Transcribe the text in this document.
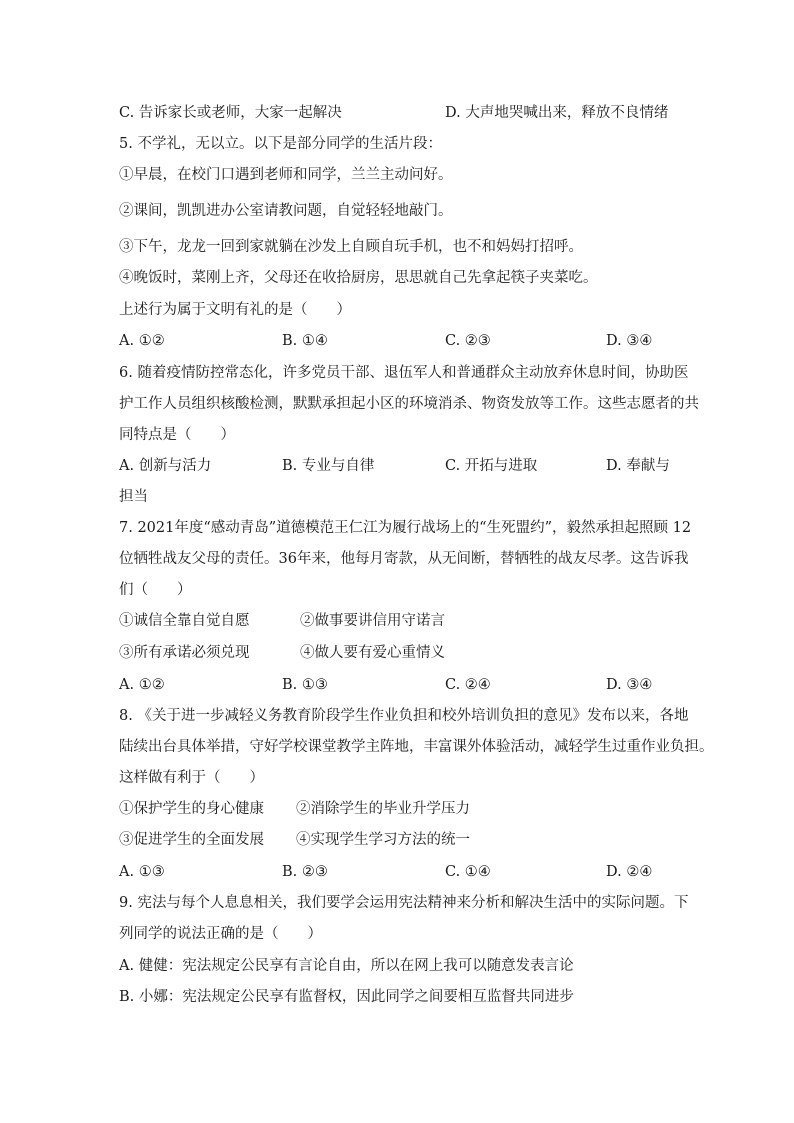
C. 告诉家长或老师，大家一起解决	D. 大声地哭喊出来，释放不良情绪
5. 不学礼，无以立。以下是部分同学的生活片段：
①早晨，在校门口遇到老师和同学，兰兰主动问好。
②课间，凯凯进办公室请教问题，自觉轻轻地敲门。
③下午，龙龙一回到家就躺在沙发上自顾自玩手机，也不和妈妈打招呼。
④晚饭时，菜刚上齐，父母还在收拾厨房，思思就自己先拿起筷子夹菜吃。
上述行为属于文明有礼的是（　　）
A. ①②	B. ①④	C. ②③	D. ③④
6. 随着疫情防控常态化，许多党员干部、退伍军人和普通群众主动放弃休息时间，协助医
护工作人员组织核酸检测，默默承担起小区的环境消杀、物资发放等工作。这些志愿者的共
同特点是（　　）
A. 创新与活力	B. 专业与自律	C. 开拓与进取	D. 奉献与
担当
7. 2021年度“感动青岛”道德模范王仁江为履行战场上的“生死盟约”，毅然承担起照顾 12
位牺牲战友父母的责任。36年来，他每月寄款，从无间断，替牺牲的战友尽孝。这告诉我
们（　　）
①诚信全靠自觉自愿	②做事要讲信用守诺言
③所有承诺必须兑现	④做人要有爱心重情义
A. ①②	B. ①③	C. ②④	D. ③④
8. 《关于进一步减轻义务教育阶段学生作业负担和校外培训负担的意见》发布以来，各地
陆续出台具体举措，守好学校课堂教学主阵地，丰富课外体验活动，减轻学生过重作业负担。
这样做有利于（　　）
①保护学生的身心健康 ②消除学生的毕业升学压力
③促进学生的全面发展 ④实现学生学习方法的统一
A. ①③	B. ②③	C. ①④	D. ②④
9. 宪法与每个人息息相关，我们要学会运用宪法精神来分析和解决生活中的实际问题。下
列同学的说法正确的是（　　）
A. 健健：宪法规定公民享有言论自由，所以在网上我可以随意发表言论
B. 小娜：宪法规定公民享有监督权，因此同学之间要相互监督共同进步
